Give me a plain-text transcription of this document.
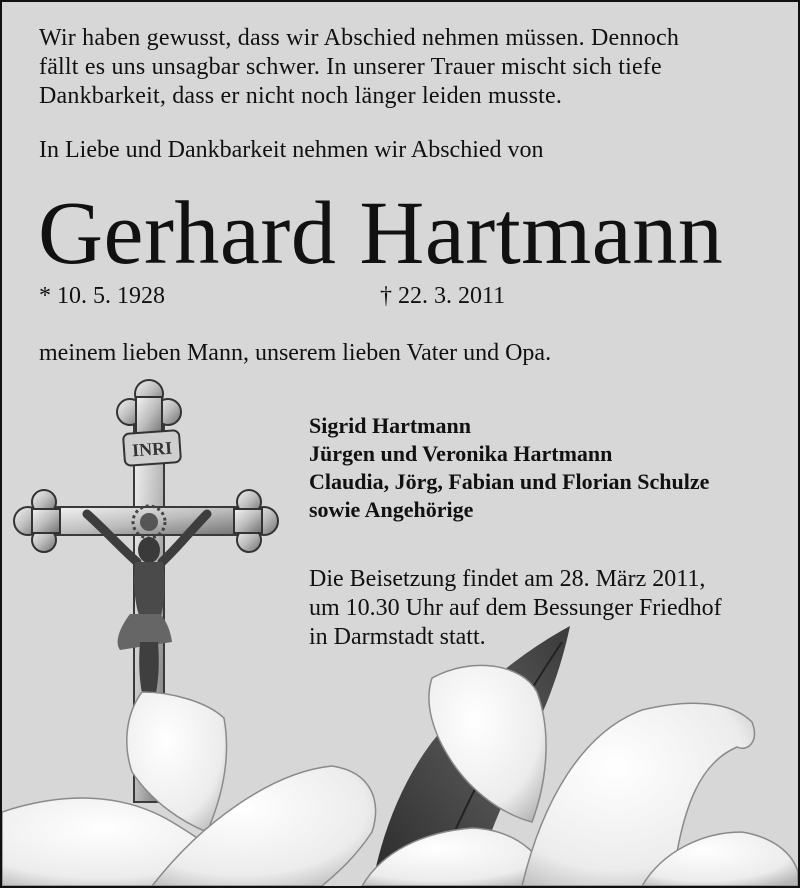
INRI

Wir haben gewusst, dass wir Abschied nehmen müssen. Dennoch
fällt es uns unsagbar schwer. In unserer Trauer mischt sich tiefe
Dankbarkeit, dass er nicht noch länger leiden musste.

In Liebe und Dankbarkeit nehmen wir Abschied von

Gerhard Hartmann
* 10. 5. 1928	† 22. 3. 2011

meinem lieben Mann, unserem lieben Vater und Opa.

Sigrid Hartmann
Jürgen und Veronika Hartmann
Claudia, Jörg, Fabian und Florian Schulze
sowie Angehörige

Die Beisetzung findet am 28. März 2011,
um 10.30 Uhr auf dem Bessunger Friedhof
in Darmstadt statt.
